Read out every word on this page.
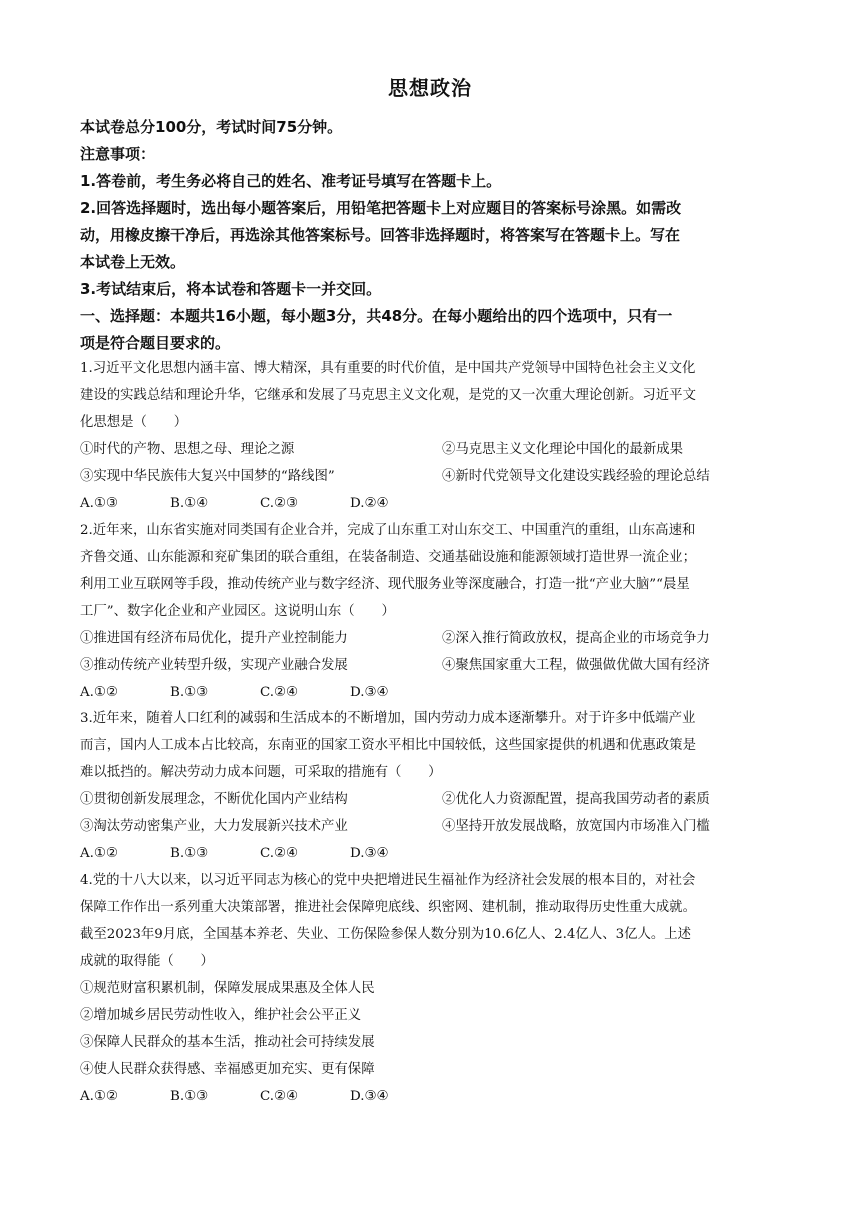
思想政治
本试卷总分100分，考试时间75分钟。
注意事项：
1.答卷前，考生务必将自己的姓名、准考证号填写在答题卡上。
2.回答选择题时，选出每小题答案后，用铅笔把答题卡上对应题目的答案标号涂黑。如需改
动，用橡皮擦干净后，再选涂其他答案标号。回答非选择题时，将答案写在答题卡上。写在
本试卷上无效。
3.考试结束后，将本试卷和答题卡一并交回。
一、选择题：本题共16小题，每小题3分，共48分。在每小题给出的四个选项中，只有一
项是符合题目要求的。
1.习近平文化思想内涵丰富、博大精深，具有重要的时代价值，是中国共产党领导中国特色社会主义文化
建设的实践总结和理论升华，它继承和发展了马克思主义文化观，是党的又一次重大理论创新。习近平文
化思想是（　　）
①时代的产物、思想之母、理论之源	②马克思主义文化理论中国化的最新成果
③实现中华民族伟大复兴中国梦的“路线图”	④新时代党领导文化建设实践经验的理论总结
A.①③	B.①④	C.②③	D.②④
2.近年来，山东省实施对同类国有企业合并，完成了山东重工对山东交工、中国重汽的重组，山东高速和
齐鲁交通、山东能源和兖矿集团的联合重组，在装备制造、交通基础设施和能源领域打造世界一流企业；
利用工业互联网等手段，推动传统产业与数字经济、现代服务业等深度融合，打造一批“产业大脑”“晨星
工厂”、数字化企业和产业园区。这说明山东（　　）
①推进国有经济布局优化，提升产业控制能力	②深入推行简政放权，提高企业的市场竞争力
③推动传统产业转型升级，实现产业融合发展	④聚焦国家重大工程，做强做优做大国有经济
A.①②	B.①③	C.②④	D.③④
3.近年来，随着人口红利的减弱和生活成本的不断增加，国内劳动力成本逐渐攀升。对于许多中低端产业
而言，国内人工成本占比较高，东南亚的国家工资水平相比中国较低，这些国家提供的机遇和优惠政策是
难以抵挡的。解决劳动力成本问题，可采取的措施有（　　）
①贯彻创新发展理念，不断优化国内产业结构	②优化人力资源配置，提高我国劳动者的素质
③淘汰劳动密集产业，大力发展新兴技术产业	④坚持开放发展战略，放宽国内市场准入门槛
A.①②	B.①③	C.②④	D.③④
4.党的十八大以来，以习近平同志为核心的党中央把增进民生福祉作为经济社会发展的根本目的，对社会
保障工作作出一系列重大决策部署，推进社会保障兜底线、织密网、建机制，推动取得历史性重大成就。
截至2023年9月底，全国基本养老、失业、工伤保险参保人数分别为10.6亿人、2.4亿人、3亿人。上述
成就的取得能（　　）
①规范财富积累机制，保障发展成果惠及全体人民
②增加城乡居民劳动性收入，维护社会公平正义
③保障人民群众的基本生活，推动社会可持续发展
④使人民群众获得感、幸福感更加充实、更有保障
A.①②	B.①③	C.②④	D.③④
